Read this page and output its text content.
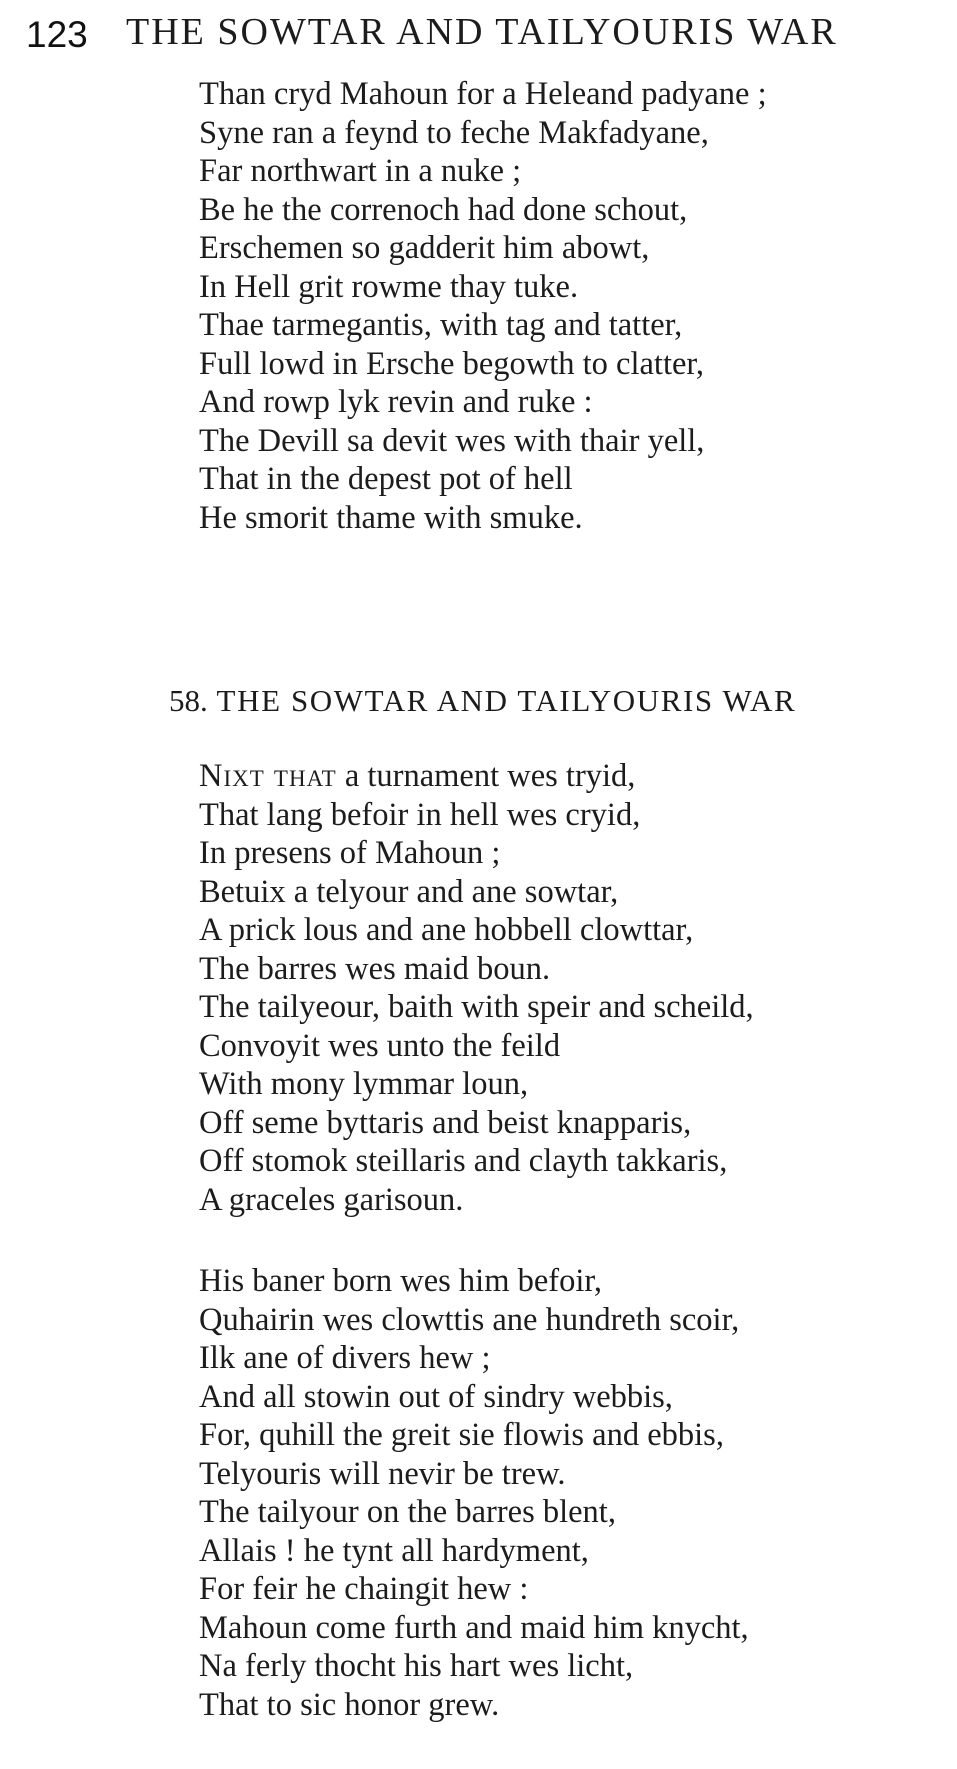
123 THE SOWTAR AND TAILYOURIS WAR
Than cryd Mahoun for a Heleand padyane ;
Syne ran a feynd to feche Makfadyane,
Far northwart in a nuke ;
Be he the correnoch had done schout,
Erschemen so gadderit him abowt,
In Hell grit rowme thay tuke.
Thae tarmegantis, with tag and tatter,
Full lowd in Ersche begowth to clatter,
And rowp lyk revin and ruke :
The Devill sa devit wes with thair yell,
That in the depest pot of hell
He smorit thame with smuke.
58. THE SOWTAR AND TAILYOURIS WAR
Nixt that a turnament wes tryid,
That lang befoir in hell wes cryid,
In presens of Mahoun ;
Betuix a telyour and ane sowtar,
A prick lous and ane hobbell clowttar,
The barres wes maid boun.
The tailyeour, baith with speir and scheild,
Convoyit wes unto the feild
With mony lymmar loun,
Off seme byttaris and beist knapparis,
Off stomok steillaris and clayth takkaris,
A graceles garisoun.
His baner born wes him befoir,
Quhairin wes clowttis ane hundreth scoir,
Ilk ane of divers hew ;
And all stowin out of sindry webbis,
For, quhill the greit sie flowis and ebbis,
Telyouris will nevir be trew.
The tailyour on the barres blent,
Allais ! he tynt all hardyment,
For feir he chaingit hew :
Mahoun come furth and maid him knycht,
Na ferly thocht his hart wes licht,
That to sic honor grew.
